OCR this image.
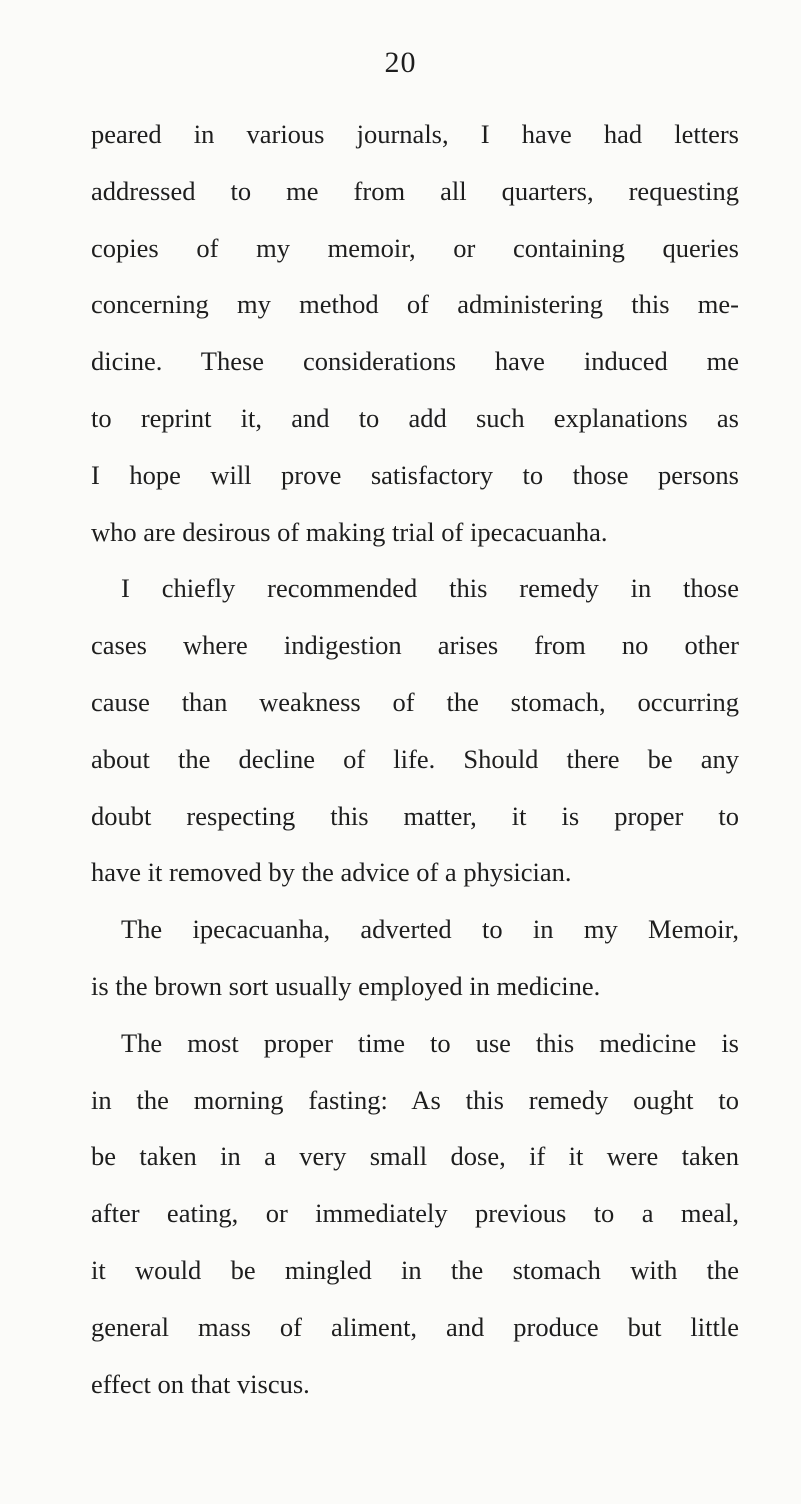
20
peared in various journals, I have had letters
addressed to me from all quarters, requesting
copies of my memoir, or containing queries
concerning my method of administering this me-
dicine. These considerations have induced me
to reprint it, and to add such explanations as
I hope will prove satisfactory to those persons
who are desirous of making trial of ipecacuanha.
I chiefly recommended this remedy in those
cases where indigestion arises from no other
cause than weakness of the stomach, occurring
about the decline of life. Should there be any
doubt respecting this matter, it is proper to
have it removed by the advice of a physician.
The ipecacuanha, adverted to in my Memoir,
is the brown sort usually employed in medicine.
The most proper time to use this medicine is
in the morning fasting: As this remedy ought to
be taken in a very small dose, if it were taken
after eating, or immediately previous to a meal,
it would be mingled in the stomach with the
general mass of aliment, and produce but little
effect on that viscus.
